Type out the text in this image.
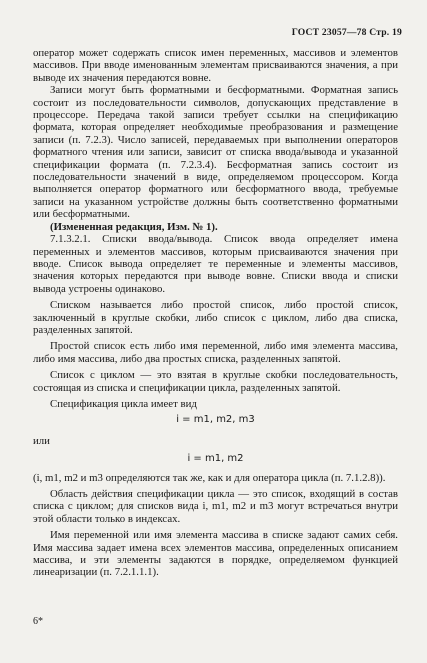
ГОСТ 23057—78 Стр. 19

оператор может содержать список имен переменных, массивов и элементов массивов. При вводе именованным элементам присваиваются значения, а при выводе их значения передаются вовне.

Записи могут быть форматными и бесформатными. Форматная запись состоит из последовательности символов, допускающих представление в процессоре. Передача такой записи требует ссылки на спецификацию формата, которая определяет необходимые преобразования и размещение записи (п. 7.2.3). Число записей, передаваемых при выполнении операторов форматного чтения или записи, зависит от списка ввода/вывода и указанной спецификации формата (п. 7.2.3.4). Бесформатная запись состоит из последовательности значений в виде, определяемом процессором. Когда выполняется оператор форматного или бесформатного ввода, требуемые записи на указанном устройстве должны быть соответственно форматными или бесформатными.

(Измененная редакция, Изм. № 1).

7.1.3.2.1. Списки ввода/вывода. Список ввода определяет имена переменных и элементов массивов, которым присваиваются значения при вводе. Список вывода определяет те переменные и элементы массивов, значения которых передаются при выводе вовне. Списки ввода и списки вывода устроены одинаково.

Списком называется либо простой список, либо простой список, заключенный в круглые скобки, либо список с циклом, либо два списка, разделенных запятой.

Простой список есть либо имя переменной, либо имя элемента массива, либо имя массива, либо два простых списка, разделенных запятой.

Список с циклом — это взятая в круглые скобки последовательность, состоящая из списка и спецификации цикла, разделенных запятой.

Спецификация цикла имеет вид

i = m1, m2, m3

или

i = m1, m2

(i, m1, m2 и m3 определяются так же, как и для оператора цикла (п. 7.1.2.8)).

Область действия спецификации цикла — это список, входящий в состав списка с циклом; для списков вида i, m1, m2 и m3 могут встречаться внутри этой области только в индексах.

Имя переменной или имя элемента массива в списке задают самих себя. Имя массива задает имена всех элементов массива, определенных описанием массива, и эти элементы задаются в порядке, определяемом функцией линеаризации (п. 7.2.1.1.1).

6*
